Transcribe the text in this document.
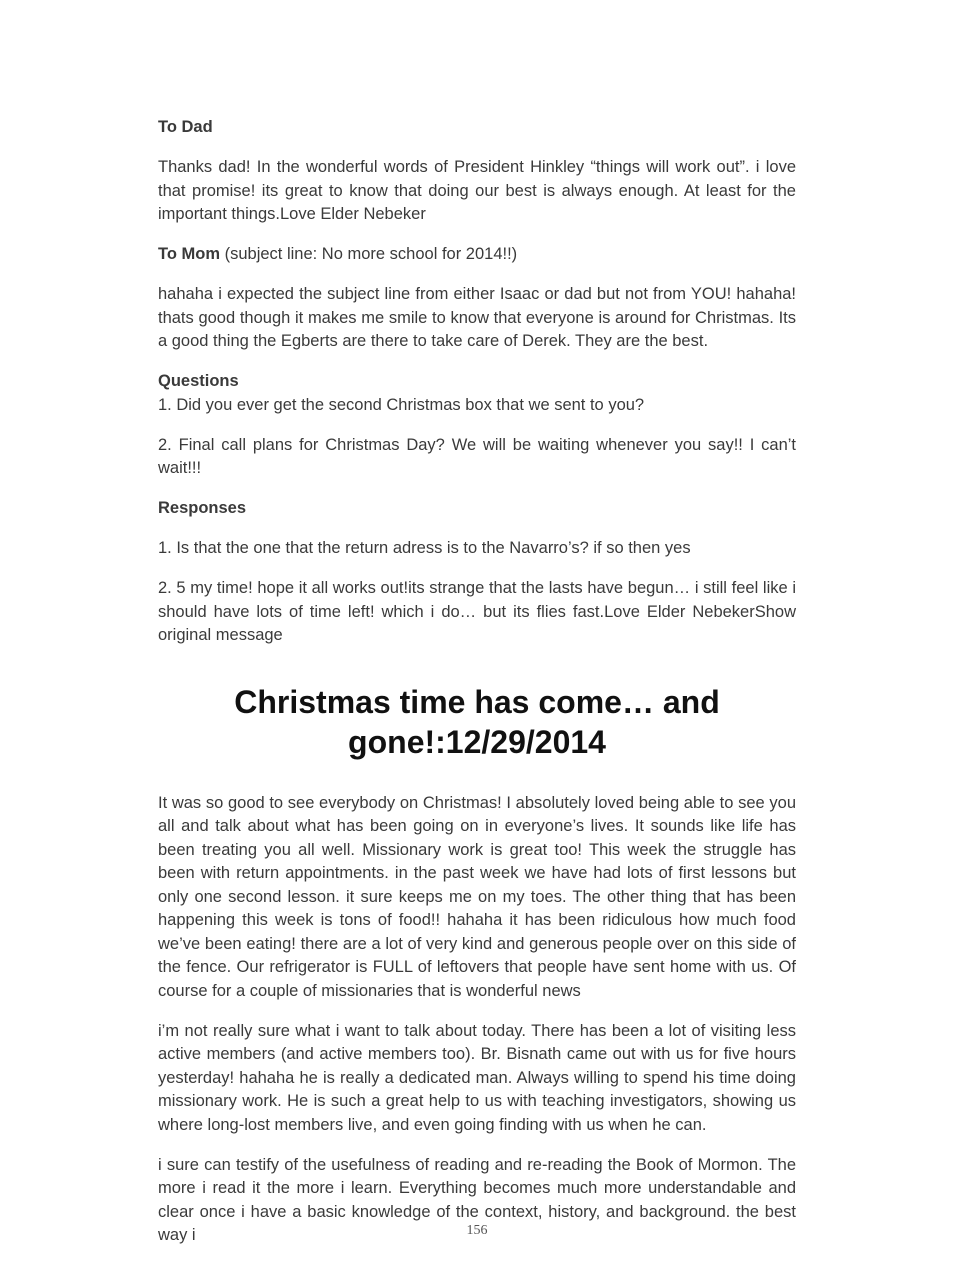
To Dad

Thanks dad! In the wonderful words of President Hinkley “things will work out”. i love that promise! its great to know that doing our best is always enough. At least for the important things.Love Elder Nebeker

To Mom (subject line: No more school for 2014!!)

hahaha i expected the subject line from either Isaac or dad but not from YOU! hahaha! thats good though it makes me smile to know that everyone is around for Christmas. Its a good thing the Egberts are there to take care of Derek. They are the best.

Questions

1. Did you ever get the second Christmas box that we sent to you?

2. Final call plans for Christmas Day? We will be waiting whenever you say!! I can’t wait!!!

Responses

1. Is that the one that the return adress is to the Navarro’s? if so then yes

2. 5 my time! hope it all works out!its strange that the lasts have begun… i still feel like i should have lots of time left! which i do… but its flies fast.Love Elder NebekerShow original message

Christmas time has come… and
gone!:12/29/2014

It was so good to see everybody on Christmas! I absolutely loved being able to see you all and talk about what has been going on in everyone’s lives. It sounds like life has been treating you all well. Missionary work is great too! This week the struggle has been with return appointments. in the past week we have had lots of first lessons but only one second lesson. it sure keeps me on my toes. The other thing that has been happening this week is tons of food!! hahaha it has been ridiculous how much food we’ve been eating! there are a lot of very kind and generous people over on this side of the fence. Our refrigerator is FULL of leftovers that people have sent home with us. Of course for a couple of missionaries that is wonderful news

i’m not really sure what i want to talk about today. There has been a lot of visiting less active members (and active members too). Br. Bisnath came out with us for five hours yesterday! hahaha he is really a dedicated man. Always willing to spend his time doing missionary work. He is such a great help to us with teaching investigators, showing us where long-lost members live, and even going finding with us when he can.

i sure can testify of the usefulness of reading and re-reading the Book of Mormon. The more i read it the more i learn. Everything becomes much more understandable and clear once i have a basic knowledge of the context, history, and background. the best way i	156
